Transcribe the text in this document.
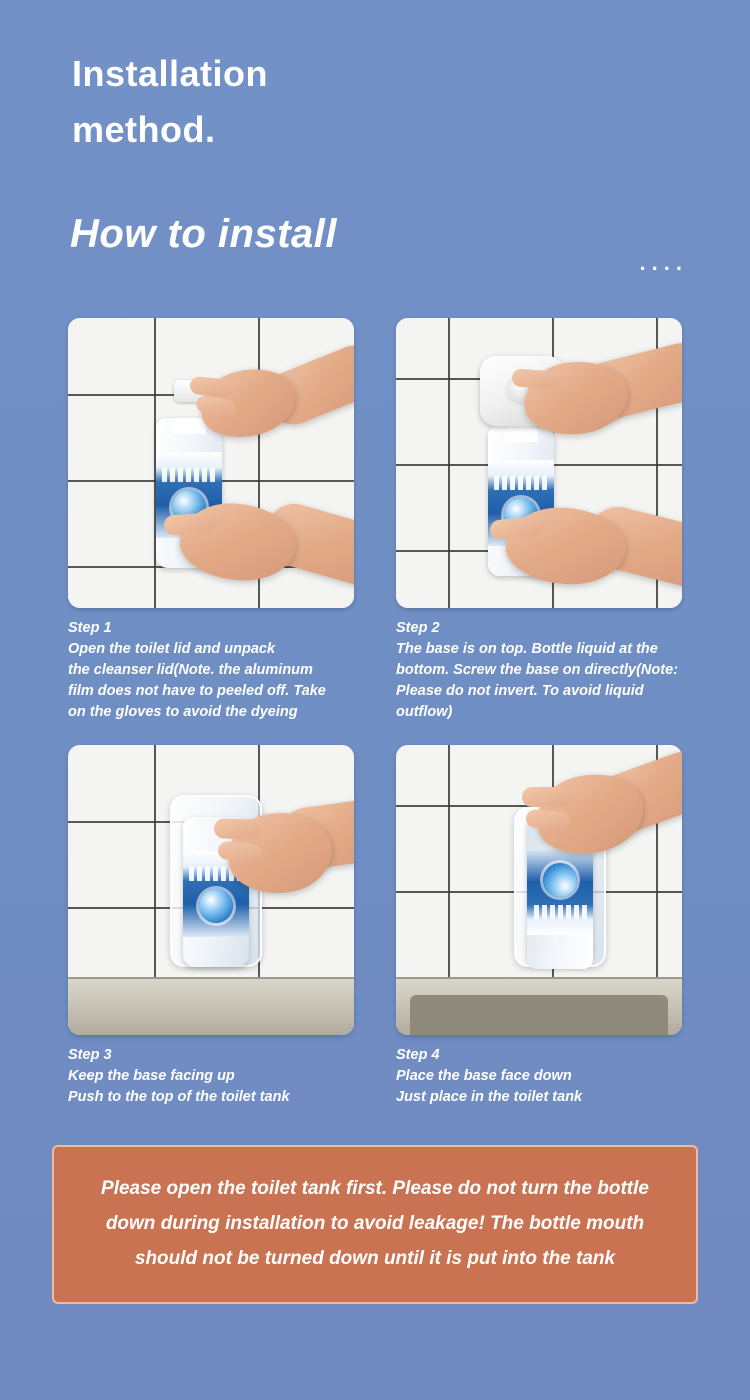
Installation
method.
How to install
....
Step 1
Open the toilet lid and unpack
the cleanser lid(Note. the aluminum
film does not have to peeled off. Take
on the gloves to avoid the dyeing
Step 2
The base is on top. Bottle liquid at the
bottom. Screw the base on directly(Note:
Please do not invert. To avoid liquid outflow)
Step 3
Keep the base facing up
Push to the top of the toilet tank
Step 4
Place the base face down
Just place in the toilet tank
Please open the toilet tank first. Please do not turn the bottle
down during installation to avoid leakage! The bottle mouth
should not be turned down until it is put into the tank
